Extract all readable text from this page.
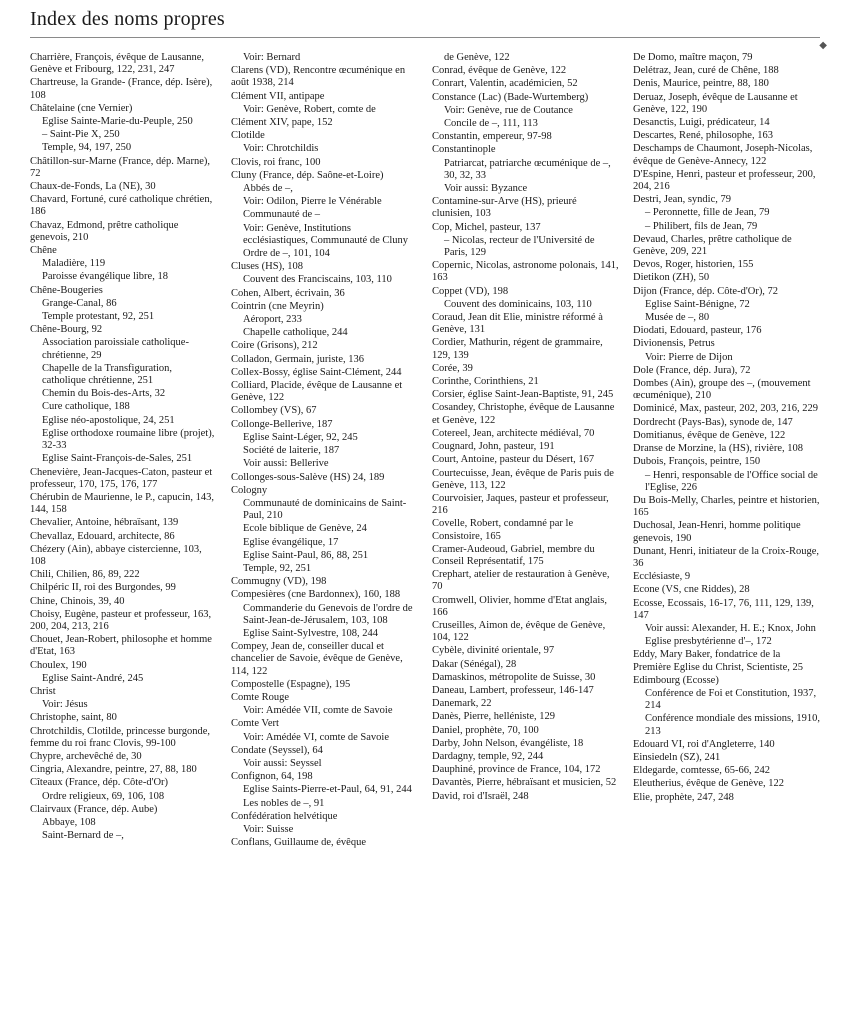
Index des noms propres
◆
Charrière, François, évêque de Lausanne, Genève et Fribourg, 122, 231, 247
Chartreuse, la Grande- (France, dép. Isère), 108
Châtelaine (cne Vernier)
Eglise Sainte-Marie-du-Peuple, 250
– Saint-Pie X, 250
Temple, 94, 197, 250
Châtillon-sur-Marne (France, dép. Marne), 72
Chaux-de-Fonds, La (NE), 30
Chavard, Fortuné, curé catholique chrétien, 186
Chavaz, Edmond, prêtre catholique genevois, 210
Chêne
Maladière, 119
Paroisse évangélique libre, 18
Chêne-Bougeries
Grange-Canal, 86
Temple protestant, 92, 251
Chêne-Bourg, 92
Association paroissiale catholique-chrétienne, 29
Chapelle de la Transfiguration, catholique chrétienne, 251
Chemin du Bois-des-Arts, 32
Cure catholique, 188
Eglise néo-apostolique, 24, 251
Eglise orthodoxe roumaine libre (projet), 32-33
Eglise Saint-François-de-Sales, 251
Chenevière, Jean-Jacques-Caton, pasteur et professeur, 170, 175, 176, 177
Chérubin de Maurienne, le P., capucin, 143, 144, 158
Chevalier, Antoine, hébraïsant, 139
Chevallaz, Edouard, architecte, 86
Chézery (Ain), abbaye cistercienne, 103, 108
Chili, Chilien, 86, 89, 222
Chilpéric II, roi des Burgondes, 99
Chine, Chinois, 39, 40
Choisy, Eugène, pasteur et professeur, 163, 200, 204, 213, 216
Chouet, Jean-Robert, philosophe et homme d'Etat, 163
Choulex, 190
Eglise Saint-André, 245
Christ
Voir: Jésus
Christophe, saint, 80
Chrotchildis, Clotilde, princesse burgonde, femme du roi franc Clovis, 99-100
Chypre, archevêché de, 30
Cingria, Alexandre, peintre, 27, 88, 180
Cîteaux (France, dép. Côte-d'Or)
Ordre religieux, 69, 106, 108
Clairvaux (France, dép. Aube)
Abbaye, 108
Saint-Bernard de –,
Voir: Bernard
Clarens (VD), Rencontre œcuménique en août 1938, 214
Clément VII, antipape
Voir: Genève, Robert, comte de
Clément XIV, pape, 152
Clotilde
Voir: Chrotchildis
Clovis, roi franc, 100
Cluny (France, dép. Saône-et-Loire)
Abbés de –,
Voir: Odilon, Pierre le Vénérable
Communauté de –
Voir: Genève, Institutions ecclésiastiques, Communauté de Cluny
Ordre de –, 101, 104
Cluses (HS), 108
Couvent des Franciscains, 103, 110
Cohen, Albert, écrivain, 36
Cointrin (cne Meyrin)
Aéroport, 233
Chapelle catholique, 244
Coire (Grisons), 212
Colladon, Germain, juriste, 136
Collex-Bossy, église Saint-Clément, 244
Colliard, Placide, évêque de Lausanne et Genève, 122
Collombey (VS), 67
Collonge-Bellerive, 187
Eglise Saint-Léger, 92, 245
Société de laiterie, 187
Voir aussi: Bellerive
Collonges-sous-Salève (HS) 24, 189
Cologny
Communauté de dominicains de Saint-Paul, 210
Ecole biblique de Genève, 24
Eglise évangélique, 17
Eglise Saint-Paul, 86, 88, 251
Temple, 92, 251
Commugny (VD), 198
Compesières (cne Bardonnex), 160, 188
Commanderie du Genevois de l'ordre de Saint-Jean-de-Jérusalem, 103, 108
Eglise Saint-Sylvestre, 108, 244
Compey, Jean de, conseiller ducal et chancelier de Savoie, évêque de Genève, 114, 122
Compostelle (Espagne), 195
Comte Rouge
Voir: Amédée VII, comte de Savoie
Comte Vert
Voir: Amédée VI, comte de Savoie
Condate (Seyssel), 64
Voir aussi: Seyssel
Confignon, 64, 198
Eglise Saints-Pierre-et-Paul, 64, 91, 244
Les nobles de –, 91
Confédération helvétique
Voir: Suisse
Conflans, Guillaume de, évêque
de Genève, 122
Conrad, évêque de Genève, 122
Conrart, Valentin, académicien, 52
Constance (Lac) (Bade-Wurtemberg)
Voir: Genève, rue de Coutance
Concile de –, 111, 113
Constantin, empereur, 97-98
Constantinople
Patriarcat, patriarche œcuménique de –, 30, 32, 33
Voir aussi: Byzance
Contamine-sur-Arve (HS), prieuré clunisien, 103
Cop, Michel, pasteur, 137
– Nicolas, recteur de l'Université de Paris, 129
Copernic, Nicolas, astronome polonais, 141, 163
Coppet (VD), 198
Couvent des dominicains, 103, 110
Coraud, Jean dit Elie, ministre réformé à Genève, 131
Cordier, Mathurin, régent de grammaire, 129, 139
Corée, 39
Corinthe, Corinthiens, 21
Corsier, église Saint-Jean-Baptiste, 91, 245
Cosandey, Christophe, évêque de Lausanne et Genève, 122
Cotereel, Jean, architecte médiéval, 70
Cougnard, John, pasteur, 191
Court, Antoine, pasteur du Désert, 167
Courtecuisse, Jean, évêque de Paris puis de Genève, 113, 122
Courvoisier, Jaques, pasteur et professeur, 216
Covelle, Robert, condamné par le Consistoire, 165
Cramer-Audeoud, Gabriel, membre du Conseil Représentatif, 175
Crephart, atelier de restauration à Genève, 70
Cromwell, Olivier, homme d'Etat anglais, 166
Cruseilles, Aimon de, évêque de Genève, 104, 122
Cybèle, divinité orientale, 97
Dakar (Sénégal), 28
Damaskinos, métropolite de Suisse, 30
Daneau, Lambert, professeur, 146-147
Danemark, 22
Danès, Pierre, helléniste, 129
Daniel, prophète, 70, 100
Darby, John Nelson, évangéliste, 18
Dardagny, temple, 92, 244
Dauphiné, province de France, 104, 172
Davantès, Pierre, hébraïsant et musicien, 52
David, roi d'Israël, 248
De Domo, maître maçon, 79
Delétraz, Jean, curé de Chêne, 188
Denis, Maurice, peintre, 88, 180
Deruaz, Joseph, évêque de Lausanne et Genève, 122, 190
Desanctis, Luigi, prédicateur, 14
Descartes, René, philosophe, 163
Deschamps de Chaumont, Joseph-Nicolas, évêque de Genève-Annecy, 122
D'Espine, Henri, pasteur et professeur, 200, 204, 216
Destri, Jean, syndic, 79
– Peronnette, fille de Jean, 79
– Philibert, fils de Jean, 79
Devaud, Charles, prêtre catholique de Genève, 209, 221
Devos, Roger, historien, 155
Dietikon (ZH), 50
Dijon (France, dép. Côte-d'Or), 72
Eglise Saint-Bénigne, 72
Musée de –, 80
Diodati, Edouard, pasteur, 176
Divionensis, Petrus
Voir: Pierre de Dijon
Dole (France, dép. Jura), 72
Dombes (Ain), groupe des –, (mouvement œcuménique), 210
Dominicé, Max, pasteur, 202, 203, 216, 229
Dordrecht (Pays-Bas), synode de, 147
Domitianus, évêque de Genève, 122
Dranse de Morzine, la (HS), rivière, 108
Dubois, François, peintre, 150
– Henri, responsable de l'Office social de l'Eglise, 226
Du Bois-Melly, Charles, peintre et historien, 165
Duchosal, Jean-Henri, homme politique genevois, 190
Dunant, Henri, initiateur de la Croix-Rouge, 36
Ecclésiaste, 9
Econe (VS, cne Riddes), 28
Ecosse, Ecossais, 16-17, 76, 111, 129, 139, 147
Voir aussi: Alexander, H. E.; Knox, John
Eglise presbytérienne d'–, 172
Eddy, Mary Baker, fondatrice de la Première Eglise du Christ, Scientiste, 25
Edimbourg (Ecosse)
Conférence de Foi et Constitution, 1937, 214
Conférence mondiale des missions, 1910, 213
Edouard VI, roi d'Angleterre, 140
Einsiedeln (SZ), 241
Eldegarde, comtesse, 65-66, 242
Eleutherius, évêque de Genève, 122
Elie, prophète, 247, 248
